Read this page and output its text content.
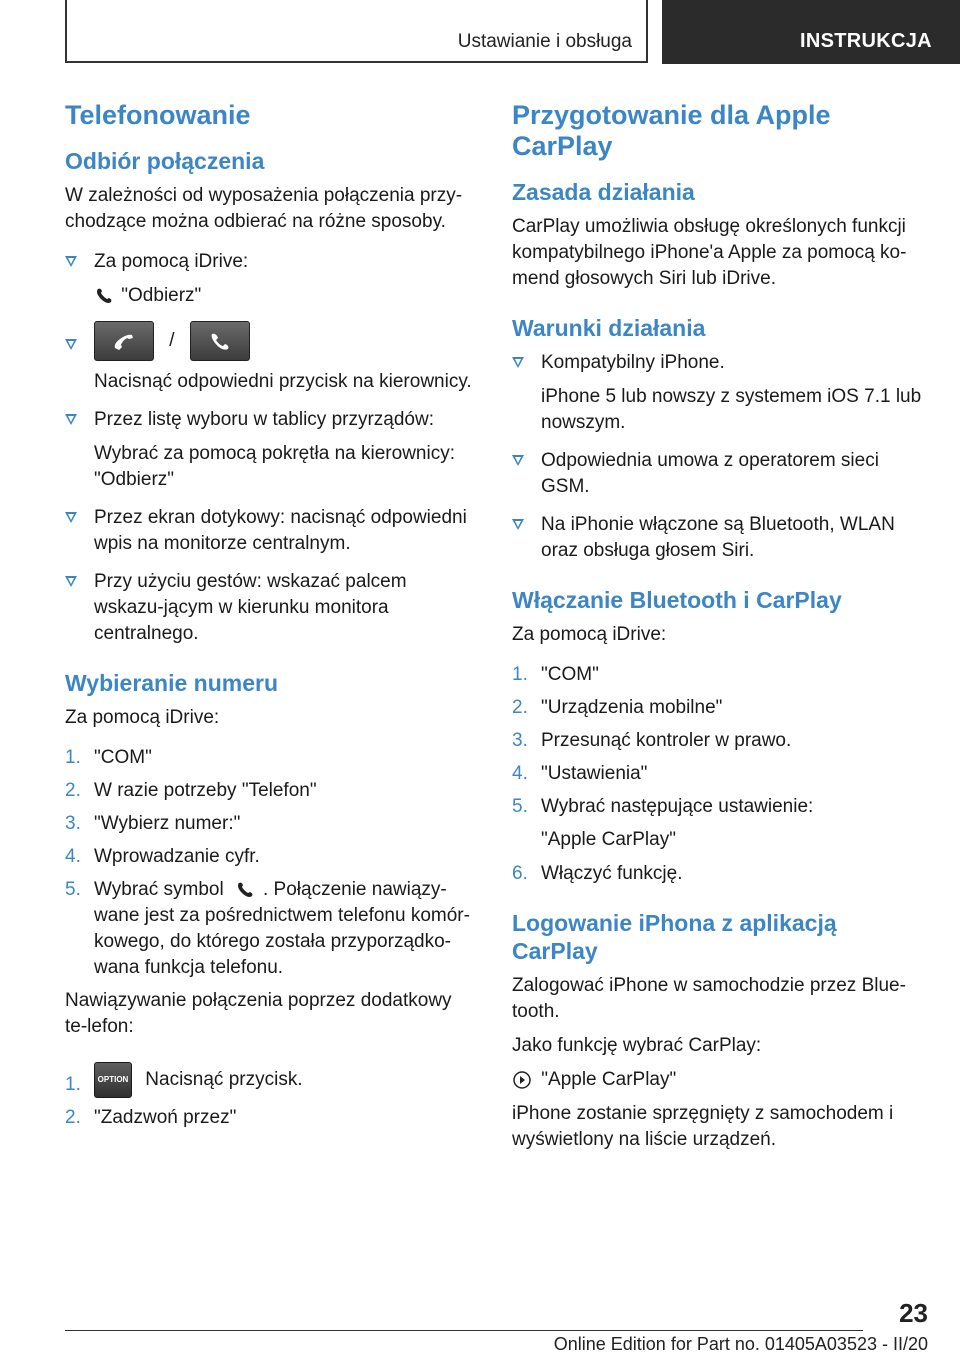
Ustawianie i obsługa	INSTRUKCJA
Telefonowanie
Odbiór połączenia

W zależności od wyposażenia połączenia przy-chodzące można odbierać na różne sposoby.

Za pomocą iDrive:
"Odbierz"
/
Nacisnąć odpowiedni przycisk na kierownicy.
Przez listę wyboru w tablicy przyrządów:
Wybrać za pomocą pokrętła na kierownicy: "Odbierz"
Przez ekran dotykowy: nacisnąć odpowiedni wpis na monitorze centralnym.
Przy użyciu gestów: wskazać palcem wskazu-jącym w kierunku monitora centralnego.
Wybieranie numeru

Za pomocą iDrive:

1. "COM"
2. W razie potrzeby "Telefon"
3. "Wybierz numer:"
4. Wprowadzanie cyfr.
5. Wybrać symbol . Połączenie nawiązy-wane jest za pośrednictwem telefonu komór-kowego, do którego została przyporządko-wana funkcja telefonu.

Nawiązywanie połączenia poprzez dodatkowy te-lefon:

1. OPTION Nacisnąć przycisk.
2. "Zadzwoń przez"
Przygotowanie dla Apple CarPlay
Zasada działania

CarPlay umożliwia obsługę określonych funkcji kompatybilnego iPhone'a Apple za pomocą ko-mend głosowych Siri lub iDrive.

Warunki działania
Kompatybilny iPhone.
iPhone 5 lub nowszy z systemem iOS 7.1 lub nowszym.
Odpowiednia umowa z operatorem sieci GSM.
Na iPhonie włączone są Bluetooth, WLAN oraz obsługa głosem Siri.
Włączanie Bluetooth i CarPlay

Za pomocą iDrive:

1. "COM"
2. "Urządzenia mobilne"
3. Przesunąć kontroler w prawo.
4. "Ustawienia"
5. Wybrać następujące ustawienie:
"Apple CarPlay"
6. Włączyć funkcję.
Logowanie iPhona z aplikacją CarPlay

Zalogować iPhone w samochodzie przez Blue-tooth.

Jako funkcję wybrać CarPlay:

"Apple CarPlay"

iPhone zostanie sprzęgnięty z samochodem i wyświetlony na liście urządzeń.

23
Online Edition for Part no. 01405A03523 - II/20
